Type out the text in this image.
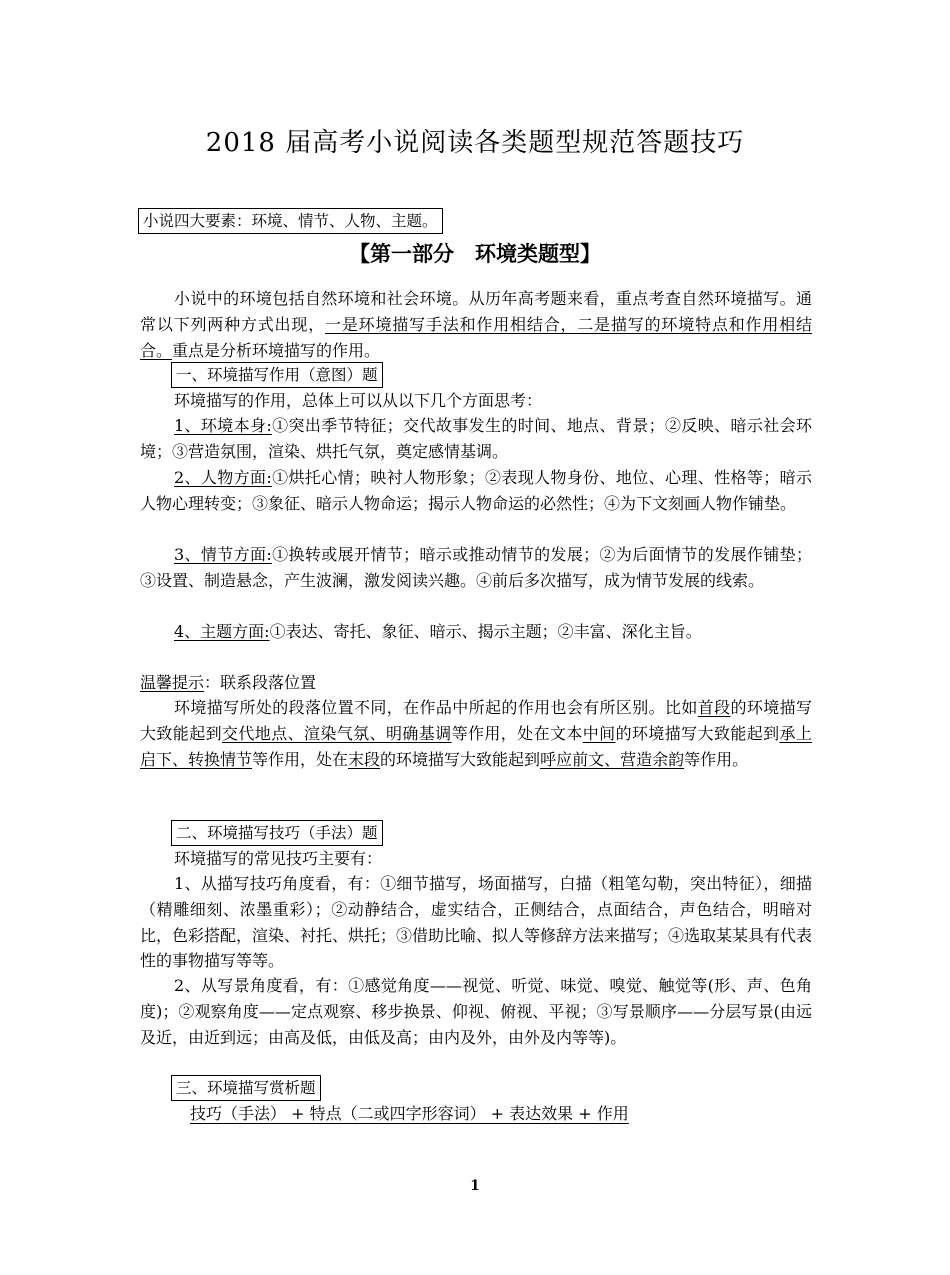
2018 届高考小说阅读各类题型规范答题技巧
小说四大要素：环境、情节、人物、主题。
【第一部分　环境类题型】
小说中的环境包括自然环境和社会环境。从历年高考题来看，重点考查自然环境描写。通常以下列两种方式出现，一是环境描写手法和作用相结合，二是描写的环境特点和作用相结合。重点是分析环境描写的作用。
一、环境描写作用（意图）题
环境描写的作用，总体上可以从以下几个方面思考：
1、环境本身:①突出季节特征；交代故事发生的时间、地点、背景；②反映、暗示社会环境；③营造氛围，渲染、烘托气氛，奠定感情基调。
2、人物方面:①烘托心情；映衬人物形象；②表现人物身份、地位、心理、性格等；暗示人物心理转变；③象征、暗示人物命运；揭示人物命运的必然性；④为下文刻画人物作铺垫。
3、情节方面:①换转或展开情节；暗示或推动情节的发展；②为后面情节的发展作铺垫；③设置、制造悬念，产生波澜，激发阅读兴趣。④前后多次描写，成为情节发展的线索。
4、主题方面:①表达、寄托、象征、暗示、揭示主题；②丰富、深化主旨。
温馨提示：联系段落位置
环境描写所处的段落位置不同，在作品中所起的作用也会有所区别。比如首段的环境描写大致能起到交代地点、渲染气氛、明确基调等作用，处在文本中间的环境描写大致能起到承上启下、转换情节等作用，处在末段的环境描写大致能起到呼应前文、营造余韵等作用。
二、环境描写技巧（手法）题
环境描写的常见技巧主要有：
1、从描写技巧角度看，有：①细节描写，场面描写，白描（粗笔勾勒，突出特征），细描（精雕细刻、浓墨重彩）；②动静结合，虚实结合，正侧结合，点面结合，声色结合，明暗对比，色彩搭配，渲染、衬托、烘托；③借助比喻、拟人等修辞方法来描写；④选取某某具有代表性的事物描写等等。
2、从写景角度看，有：①感觉角度——视觉、听觉、味觉、嗅觉、触觉等(形、声、色角度)；②观察角度——定点观察、移步换景、仰视、俯视、平视；③写景顺序——分层写景(由远及近，由近到远；由高及低，由低及高；由内及外，由外及内等等)。
三、环境描写赏析题
技巧（手法） + 特点（二或四字形容词） + 表达效果 + 作用
1
